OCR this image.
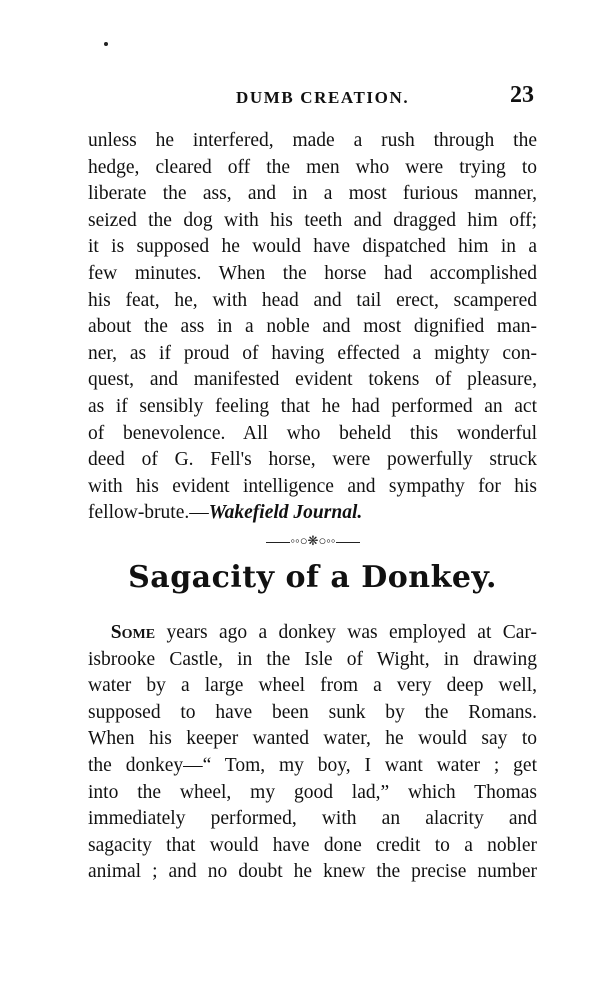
DUMB CREATION.	23
unless he interfered, made a rush through the
hedge, cleared off the men who were trying to
liberate the ass, and in a most furious manner,
seized the dog with his teeth and dragged him off;
it is supposed he would have dispatched him in a
few minutes. When the horse had accomplished
his feat, he, with head and tail erect, scampered
about the ass in a noble and most dignified man-
ner, as if proud of having effected a mighty con-
quest, and manifested evident tokens of pleasure,
as if sensibly feeling that he had performed an act
of benevolence. All who beheld this wonderful
deed of G. Fell's horse, were powerfully struck
with his evident intelligence and sympathy for his
fellow-brute.—Wakefield Journal.
◦◦○❋○◦◦
Sagacity of a Donkey.
Some years ago a donkey was employed at Car-
isbrooke Castle, in the Isle of Wight, in drawing
water by a large wheel from a very deep well,
supposed to have been sunk by the Romans.
When his keeper wanted water, he would say to
the donkey—“ Tom, my boy, I want water ; get
into the wheel, my good lad,” which Thomas
immediately performed, with an alacrity and
sagacity that would have done credit to a nobler
animal ; and no doubt he knew the precise number
